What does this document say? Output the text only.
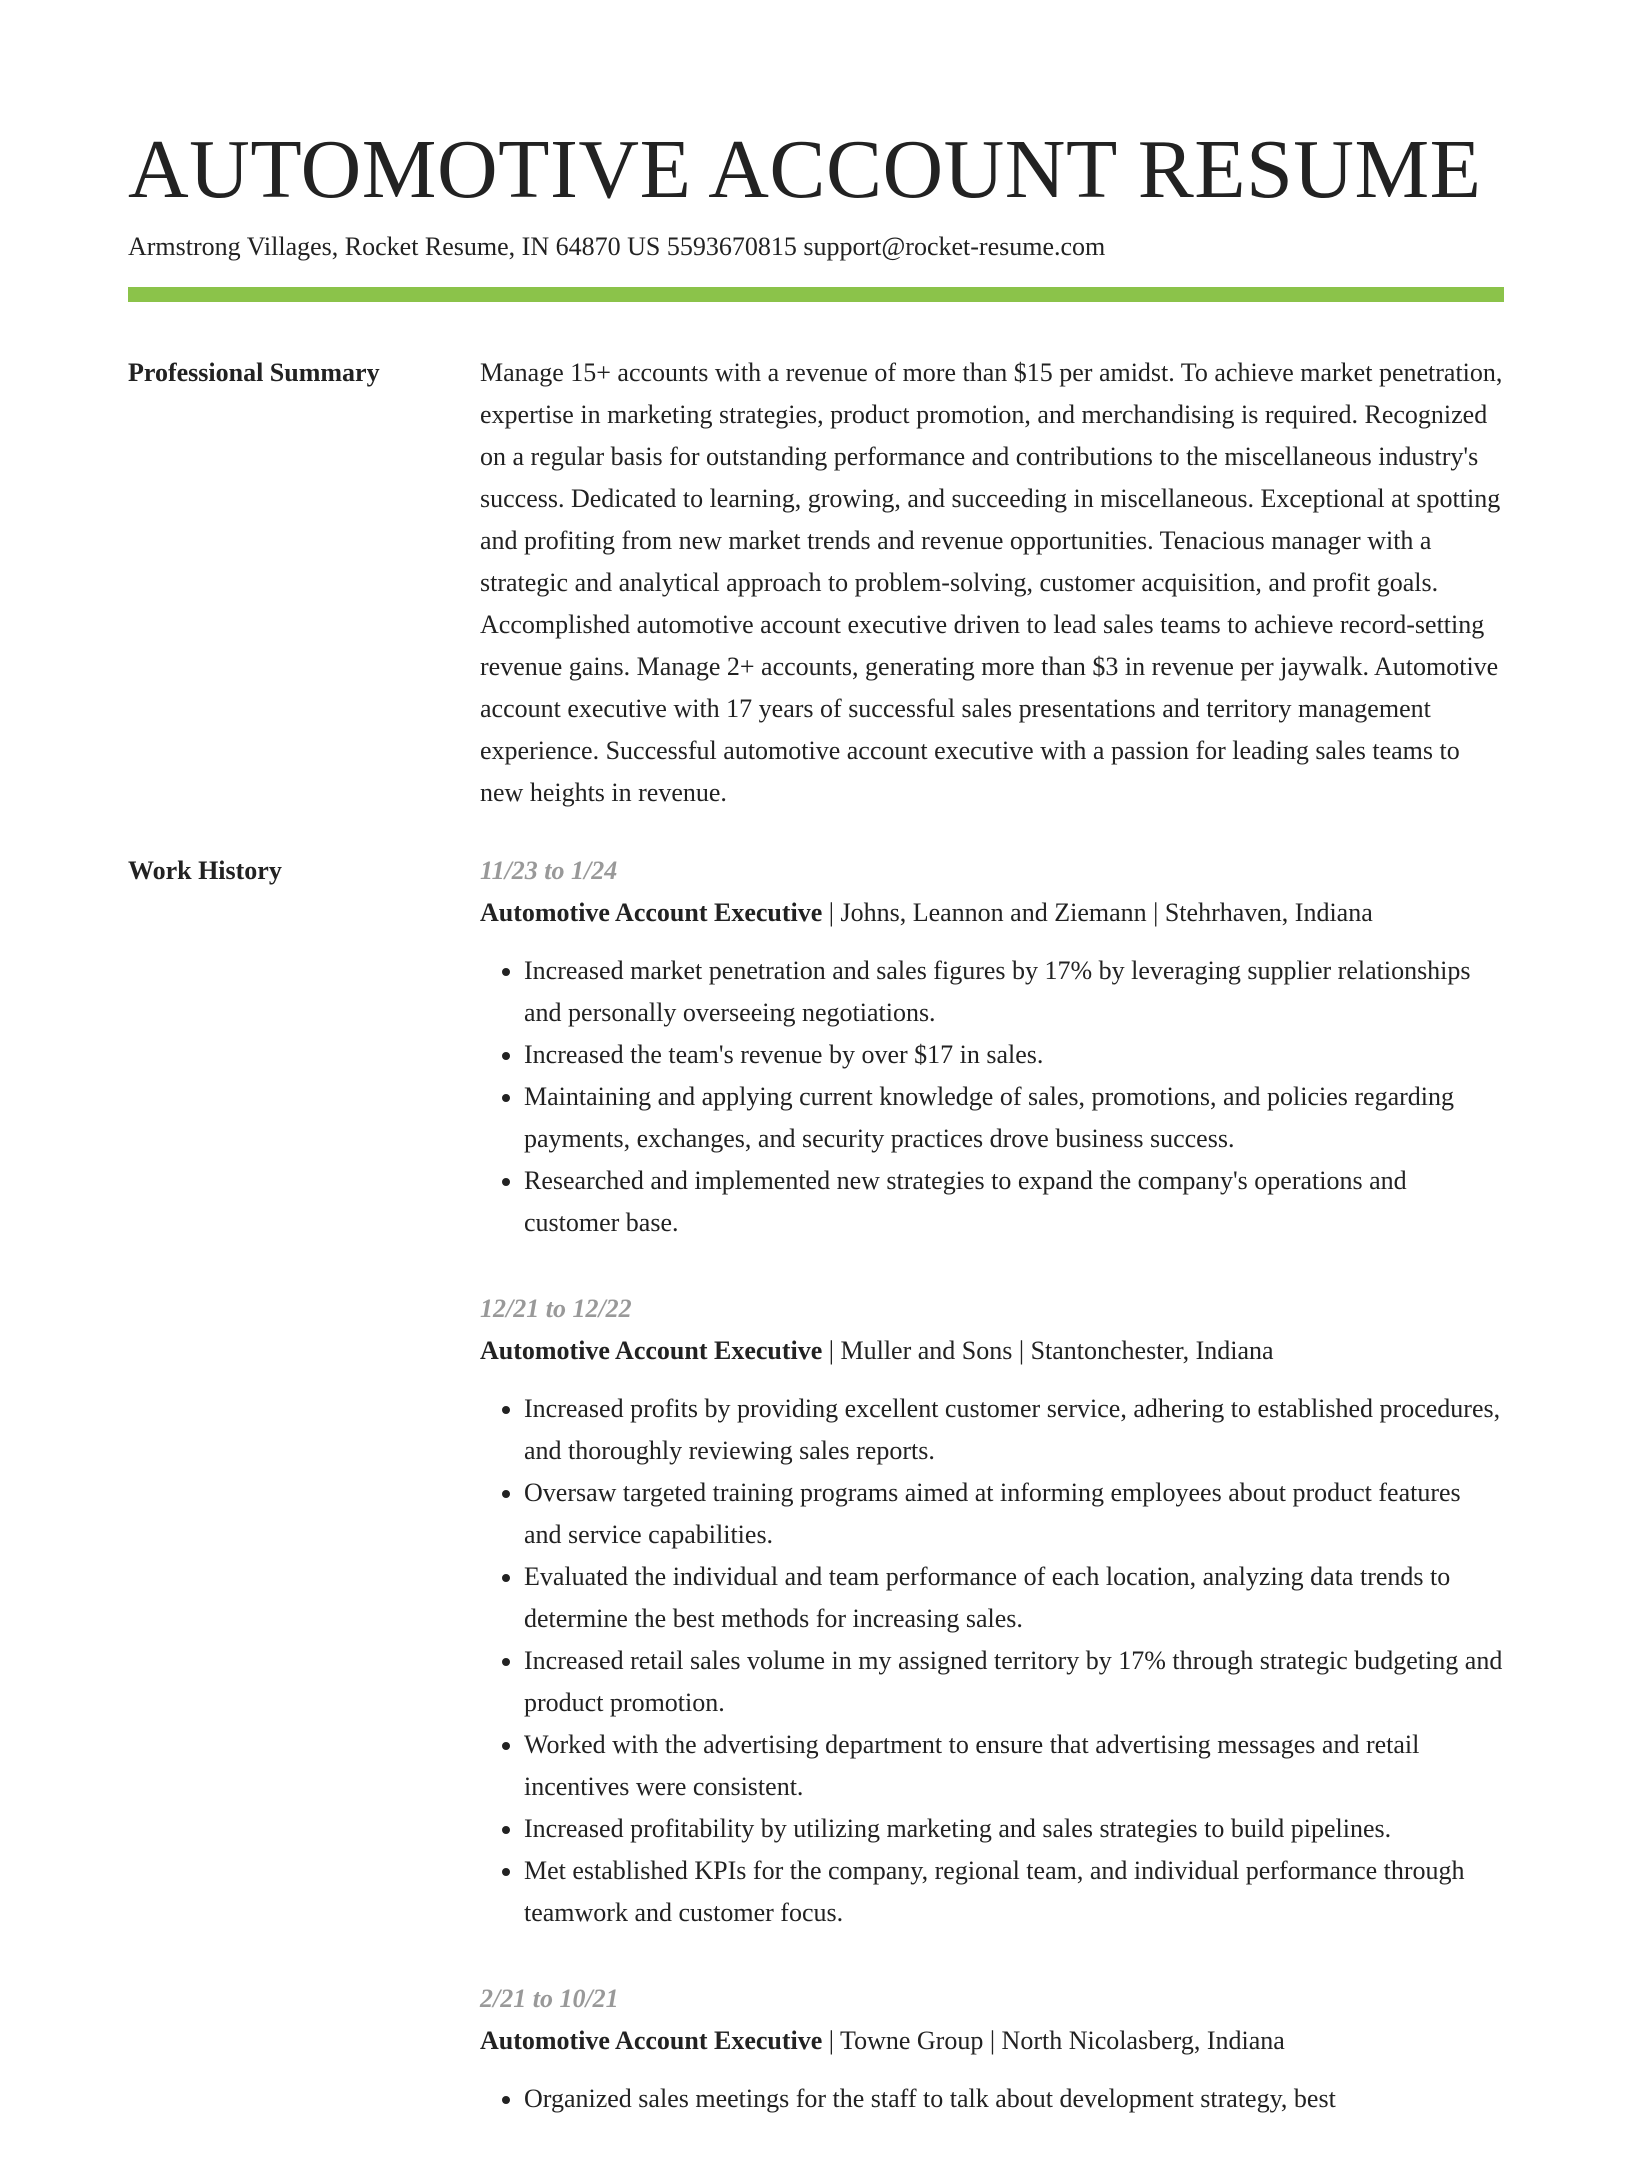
AUTOMOTIVE ACCOUNT RESUME
Armstrong Villages, Rocket Resume, IN 64870 US 5593670815 support@rocket-resume.com
Professional Summary	Manage 15+ accounts with a revenue of more than $15 per amidst. To achieve market penetration, expertise in marketing strategies, product promotion, and merchandising is required. Recognized on a regular basis for outstanding performance and contributions to the miscellaneous industry's success. Dedicated to learning, growing, and succeeding in miscellaneous. Exceptional at spotting and profiting from new market trends and revenue opportunities. Tenacious manager with a strategic and analytical approach to problem-solving, customer acquisition, and profit goals. Accomplished automotive account executive driven to lead sales teams to achieve record-setting revenue gains. Manage 2+ accounts, generating more than $3 in revenue per jaywalk. Automotive account executive with 17 years of successful sales presentations and territory management experience. Successful automotive account executive with a passion for leading sales teams to new heights in revenue.

Work History	11/23 to 1/24
Automotive Account Executive | Johns, Leannon and Ziemann | Stehrhaven, Indiana
• Increased market penetration and sales figures by 17% by leveraging supplier relationships and personally overseeing negotiations.
• Increased the team's revenue by over $17 in sales.
• Maintaining and applying current knowledge of sales, promotions, and policies regarding payments, exchanges, and security practices drove business success.
• Researched and implemented new strategies to expand the company's operations and customer base.
12/21 to 12/22
Automotive Account Executive | Muller and Sons | Stantonchester, Indiana
• Increased profits by providing excellent customer service, adhering to established procedures, and thoroughly reviewing sales reports.
• Oversaw targeted training programs aimed at informing employees about product features and service capabilities.
• Evaluated the individual and team performance of each location, analyzing data trends to determine the best methods for increasing sales.
• Increased retail sales volume in my assigned territory by 17% through strategic budgeting and product promotion.
• Worked with the advertising department to ensure that advertising messages and retail incentives were consistent.
• Increased profitability by utilizing marketing and sales strategies to build pipelines.
• Met established KPIs for the company, regional team, and individual performance through teamwork and customer focus.
2/21 to 10/21
Automotive Account Executive | Towne Group | North Nicolasberg, Indiana
• Organized sales meetings for the staff to talk about development strategy, best
